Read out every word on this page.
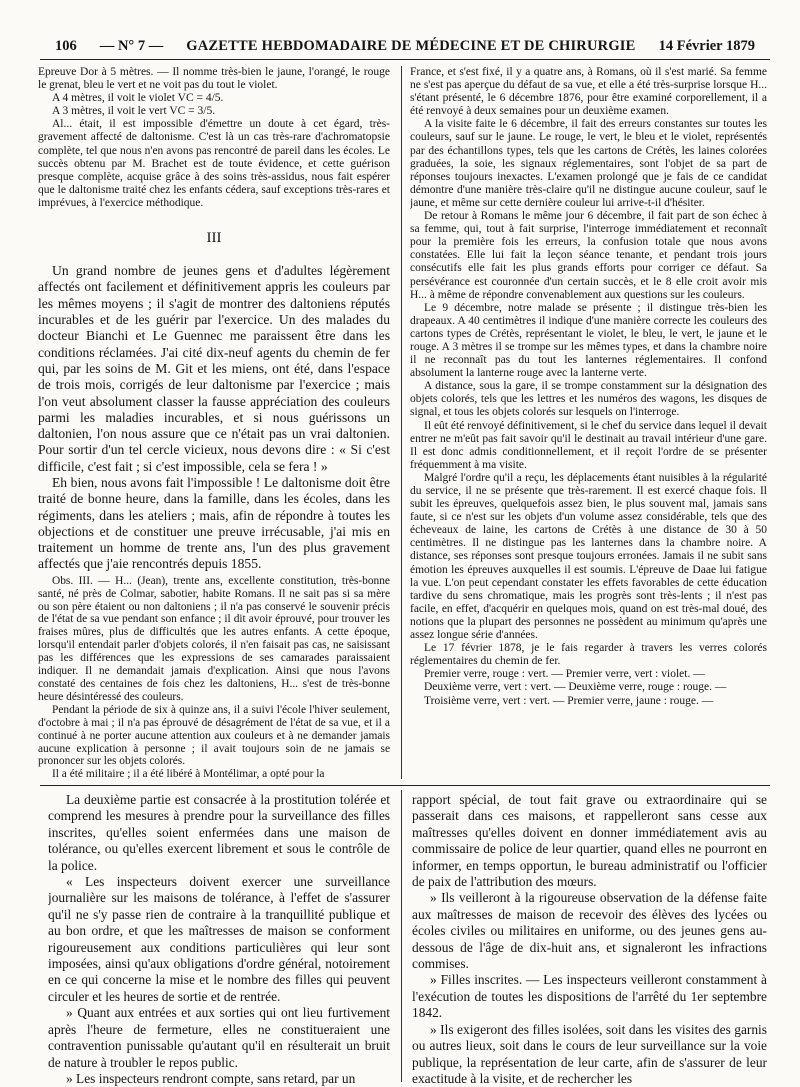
106 — N° 7 — GAZETTE HEBDOMADAIRE DE MÉDECINE ET DE CHIRURGIE 14 Février 1879

Epreuve Dor à 5 mètres. — Il nomme très-bien le jaune, l'orangé, le rouge le grenat, bleu le vert et ne voit pas du tout le violet.

A 4 mètres, il voit le violet VC = 4/5.

A 3 mètres, il voit le vert VC = 3/5.

Al... était, il est impossible d'émettre un doute à cet égard, très-gravement affecté de daltonisme. C'est là un cas très-rare d'achromatopsie complète, tel que nous n'en avons pas rencontré de pareil dans les écoles. Le succès obtenu par M. Brachet est de toute évidence, et cette guérison presque complète, acquise grâce à des soins très-assidus, nous fait espérer que le daltonisme traité chez les enfants cédera, sauf exceptions très-rares et imprévues, à l'exercice méthodique.

III

Un grand nombre de jeunes gens et d'adultes légèrement affectés ont facilement et définitivement appris les couleurs par les mêmes moyens ; il s'agit de montrer des daltoniens réputés incurables et de les guérir par l'exercice. Un des malades du docteur Bianchi et Le Guennec me paraissent être dans les conditions réclamées. J'ai cité dix-neuf agents du chemin de fer qui, par les soins de M. Git et les miens, ont été, dans l'espace de trois mois, corrigés de leur daltonisme par l'exercice ; mais l'on veut absolument classer la fausse appréciation des couleurs parmi les maladies incurables, et si nous guérissons un daltonien, l'on nous assure que ce n'était pas un vrai daltonien. Pour sortir d'un tel cercle vicieux, nous devons dire : « Si c'est difficile, c'est fait ; si c'est impossible, cela se fera ! »

Eh bien, nous avons fait l'impossible ! Le daltonisme doit être traité de bonne heure, dans la famille, dans les écoles, dans les régiments, dans les ateliers ; mais, afin de répondre à toutes les objections et de constituer une preuve irrécusable, j'ai mis en traitement un homme de trente ans, l'un des plus gravement affectés que j'aie rencontrés depuis 1855.

Obs. III. — H... (Jean), trente ans, excellente constitution, très-bonne santé, né près de Colmar, sabotier, habite Romans. Il ne sait pas si sa mère ou son père étaient ou non daltoniens ; il n'a pas conservé le souvenir précis de l'état de sa vue pendant son enfance ; il dit avoir éprouvé, pour trouver les fraises mûres, plus de difficultés que les autres enfants. A cette époque, lorsqu'il entendait parler d'objets colorés, il n'en faisait pas cas, ne saisissant pas les différences que les expressions de ses camarades paraissaient indiquer. Il ne demandait jamais d'explication. Ainsi que nous l'avons constaté des centaines de fois chez les daltoniens, H... s'est de très-bonne heure désintéressé des couleurs.

Pendant la période de six à quinze ans, il a suivi l'école l'hiver seulement, d'octobre à mai ; il n'a pas éprouvé de désagrément de l'état de sa vue, et il a continué à ne porter aucune attention aux couleurs et à ne demander jamais aucune explication à personne ; il avait toujours soin de ne jamais se prononcer sur les objets colorés.

Il a été militaire ; il a été libéré à Montélimar, a opté pour la

France, et s'est fixé, il y a quatre ans, à Romans, où il s'est marié. Sa femme ne s'est pas aperçue du défaut de sa vue, et elle a été très-surprise lorsque H... s'étant présenté, le 6 décembre 1876, pour être examiné corporellement, il a été renvoyé à deux semaines pour un deuxième examen.

A la visite faite le 6 décembre, il fait des erreurs constantes sur toutes les couleurs, sauf sur le jaune. Le rouge, le vert, le bleu et le violet, représentés par des échantillons types, tels que les cartons de Crétès, les laines colorées graduées, la soie, les signaux réglementaires, sont l'objet de sa part de réponses toujours inexactes. L'examen prolongé que je fais de ce candidat démontre d'une manière très-claire qu'il ne distingue aucune couleur, sauf le jaune, et même sur cette dernière couleur lui arrive-t-il d'hésiter.

De retour à Romans le même jour 6 décembre, il fait part de son échec à sa femme, qui, tout à fait surprise, l'interroge immédiatement et reconnaît pour la première fois les erreurs, la confusion totale que nous avons constatées. Elle lui fait la leçon séance tenante, et pendant trois jours consécutifs elle fait les plus grands efforts pour corriger ce défaut. Sa persévérance est couronnée d'un certain succès, et le 8 elle croit avoir mis H... à même de répondre convenablement aux questions sur les couleurs.

Le 9 décembre, notre malade se présente ; il distingue très-bien les drapeaux. A 40 centimètres il indique d'une manière correcte les couleurs des cartons types de Crétès, représentant le violet, le bleu, le vert, le jaune et le rouge. A 3 mètres il se trompe sur les mêmes types, et dans la chambre noire il ne reconnaît pas du tout les lanternes réglementaires. Il confond absolument la lanterne rouge avec la lanterne verte.

A distance, sous la gare, il se trompe constamment sur la désignation des objets colorés, tels que les lettres et les numéros des wagons, les disques de signal, et tous les objets colorés sur lesquels on l'interroge.

Il eût été renvoyé définitivement, si le chef du service dans lequel il devait entrer ne m'eût pas fait savoir qu'il le destinait au travail intérieur d'une gare. Il est donc admis conditionnellement, et il reçoit l'ordre de se présenter fréquemment à ma visite.

Malgré l'ordre qu'il a reçu, les déplacements étant nuisibles à la régularité du service, il ne se présente que très-rarement. Il est exercé chaque fois. Il subit les épreuves, quelquefois assez bien, le plus souvent mal, jamais sans faute, si ce n'est sur les objets d'un volume assez considérable, tels que des écheveaux de laine, les cartons de Crétès à une distance de 30 à 50 centimètres. Il ne distingue pas les lanternes dans la chambre noire. A distance, ses réponses sont presque toujours erronées. Jamais il ne subit sans émotion les épreuves auxquelles il est soumis. L'épreuve de Daae lui fatigue la vue. L'on peut cependant constater les effets favorables de cette éducation tardive du sens chromatique, mais les progrès sont très-lents ; il n'est pas facile, en effet, d'acquérir en quelques mois, quand on est très-mal doué, des notions que la plupart des personnes ne possèdent au minimum qu'après une assez longue série d'années.

Le 17 février 1878, je le fais regarder à travers les verres colorés réglementaires du chemin de fer.

Premier verre, rouge : vert. — Premier verre, vert : violet. —

Deuxième verre, vert : vert. — Deuxième verre, rouge : rouge. —

Troisième verre, vert : vert. — Premier verre, jaune : rouge. —

La deuxième partie est consacrée à la prostitution tolérée et comprend les mesures à prendre pour la surveillance des filles inscrites, qu'elles soient enfermées dans une maison de tolérance, ou qu'elles exercent librement et sous le contrôle de la police.

« Les inspecteurs doivent exercer une surveillance journalière sur les maisons de tolérance, à l'effet de s'assurer qu'il ne s'y passe rien de contraire à la tranquillité publique et au bon ordre, et que les maîtresses de maison se conforment rigoureusement aux conditions particulières qui leur sont imposées, ainsi qu'aux obligations d'ordre général, notoirement en ce qui concerne la mise et le nombre des filles qui peuvent circuler et les heures de sortie et de rentrée.

» Quant aux entrées et aux sorties qui ont lieu furtivement après l'heure de fermeture, elles ne constitueraient une contravention punissable qu'autant qu'il en résulterait un bruit de nature à troubler le repos public.

» Les inspecteurs rendront compte, sans retard, par un

rapport spécial, de tout fait grave ou extraordinaire qui se passerait dans ces maisons, et rappelleront sans cesse aux maîtresses qu'elles doivent en donner immédiatement avis au commissaire de police de leur quartier, quand elles ne pourront en informer, en temps opportun, le bureau administratif ou l'officier de paix de l'attribution des mœurs.

» Ils veilleront à la rigoureuse observation de la défense faite aux maîtresses de maison de recevoir des élèves des lycées ou écoles civiles ou militaires en uniforme, ou des jeunes gens au-dessous de l'âge de dix-huit ans, et signaleront les infractions commises.

» Filles inscrites. — Les inspecteurs veilleront constamment à l'exécution de toutes les dispositions de l'arrêté du 1er septembre 1842.

» Ils exigeront des filles isolées, soit dans les visites des garnis ou autres lieux, soit dans le cours de leur surveillance sur la voie publique, la représentation de leur carte, afin de s'assurer de leur exactitude à la visite, et de rechercher les
